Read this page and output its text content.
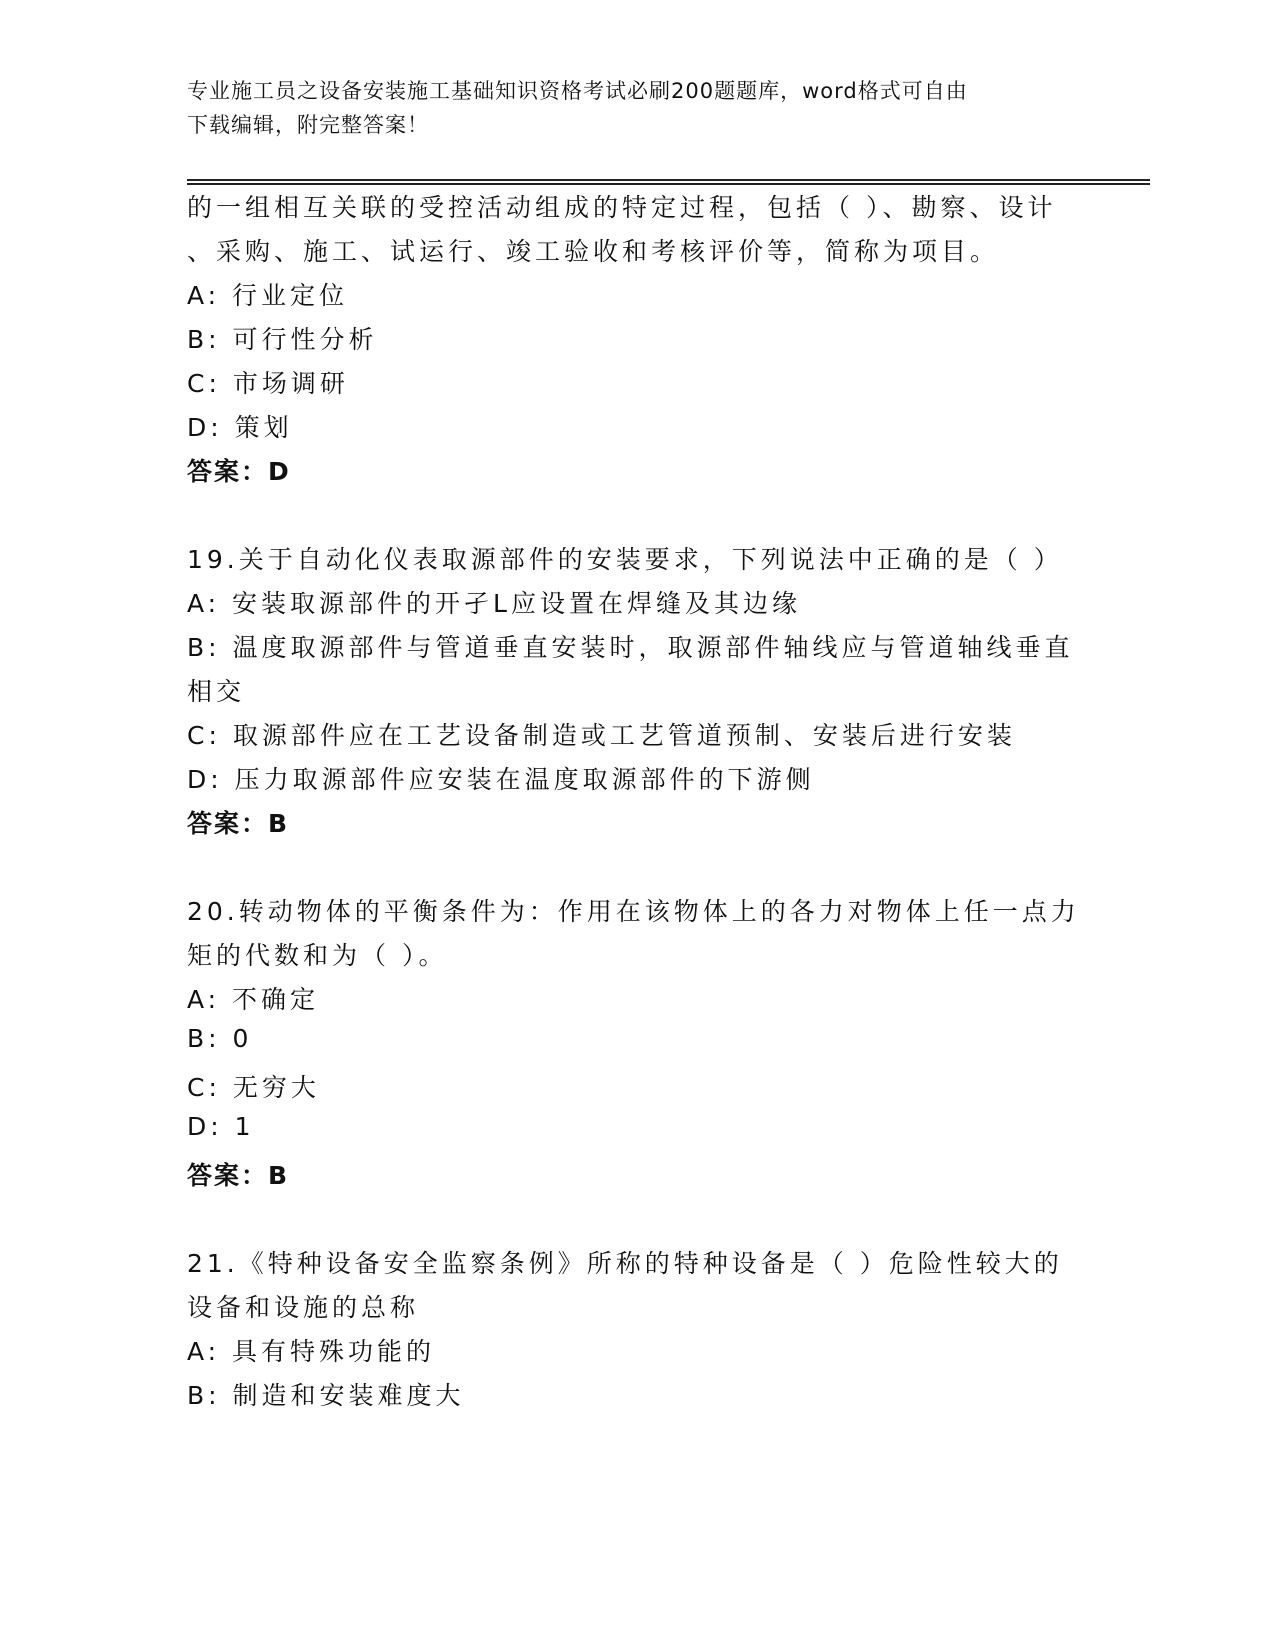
专业施工员之设备安装施工基础知识资格考试必刷200题题库，word格式可自由
下载编辑，附完整答案！
的一组相互关联的受控活动组成的特定过程，包括（ ）、勘察、设计
、采购、施工、试运行、竣工验收和考核评价等，简称为项目。
A: 行业定位
B: 可行性分析
C: 市场调研
D: 策划
答案：D
19.关于自动化仪表取源部件的安装要求，下列说法中正确的是（ ）
A: 安装取源部件的开孑L应设置在焊缝及其边缘
B: 温度取源部件与管道垂直安装时，取源部件轴线应与管道轴线垂直
相交
C: 取源部件应在工艺设备制造或工艺管道预制、安装后进行安装
D: 压力取源部件应安装在温度取源部件的下游侧
答案：B
20.转动物体的平衡条件为：作用在该物体上的各力对物体上任一点力
矩的代数和为（ ）。
A: 不确定
B: 0
C: 无穷大
D: 1
答案：B
21.《特种设备安全监察条例》所称的特种设备是（ ）危险性较大的
设备和设施的总称
A: 具有特殊功能的
B: 制造和安装难度大
